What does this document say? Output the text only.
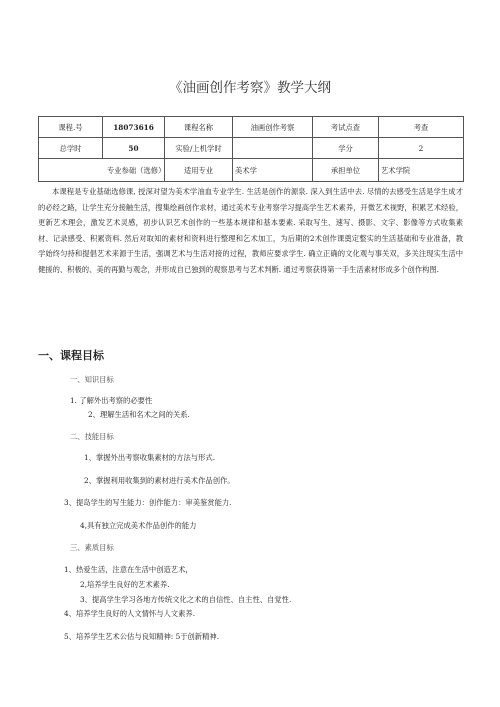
《油画创作考察》教学大纲
课程.号	18073616	课程名称	油画创作考察	考试点查	考查
总学时	50	实验/上机学时		学分	2
专业参础（选修）		适用专业	美术学	承担单位	艺术学院

本课程是专业基础选修课, 授深对望为美术学油血专业学生. 生活是创作的源泉. 深入到生活中去. 尽情的去感受生活是学生成才的必经之路，让学生充分接触生活，搜集绘画创作求材，通过美术专业考察学习提高学生艺术素养，开微艺术视野，积累艺术经验，更新艺术理会，激发艺术灵感，初步认识艺术创作的一些基本规律和基本要素. 采取写生、速写、摄影、文字、影像等方式收集素材、记录感受、积累资料. 然后对取知的素材和资料进行整理和乞术加工，为后期的2术创作课奠定整实的生活基础和专业准备，教学始终匀持和提倡艺术来源于生活，强调艺术与生活对接的过程，教师应要求学生. 确立正确的文化观与事关双，多关注现实生活中健援的、积极的、美的再勤与观念，并形成自已独到的观察思考与艺术判断. 通过考察获得第一手生活素材形成多个创作构图.

一、课程目标
一、知识目标
1. 了解外出考察的必要性
2、理解生活和名术之间的关系.
二、技能目标
1、掌握外出考察收集素材的方法与形式.
2、掌握利用收集到的素材进行美术作品创作。
3、提岛学生的写生能力：创作能力：审美鉴赏能力.
4,具有独立完成美术作品创作的能力
三、素质目标
1、热爱生活，注意在生活中创造艺术，
2,培养学生良好的艺术素养.
3、提高学生学习各地方传统文化之术的自信性、自主性、自觉性.
4、培养学生良好的人文情怀与人文素养.
5、培养学生艺术公估与良知精神: 5于创新精神.
